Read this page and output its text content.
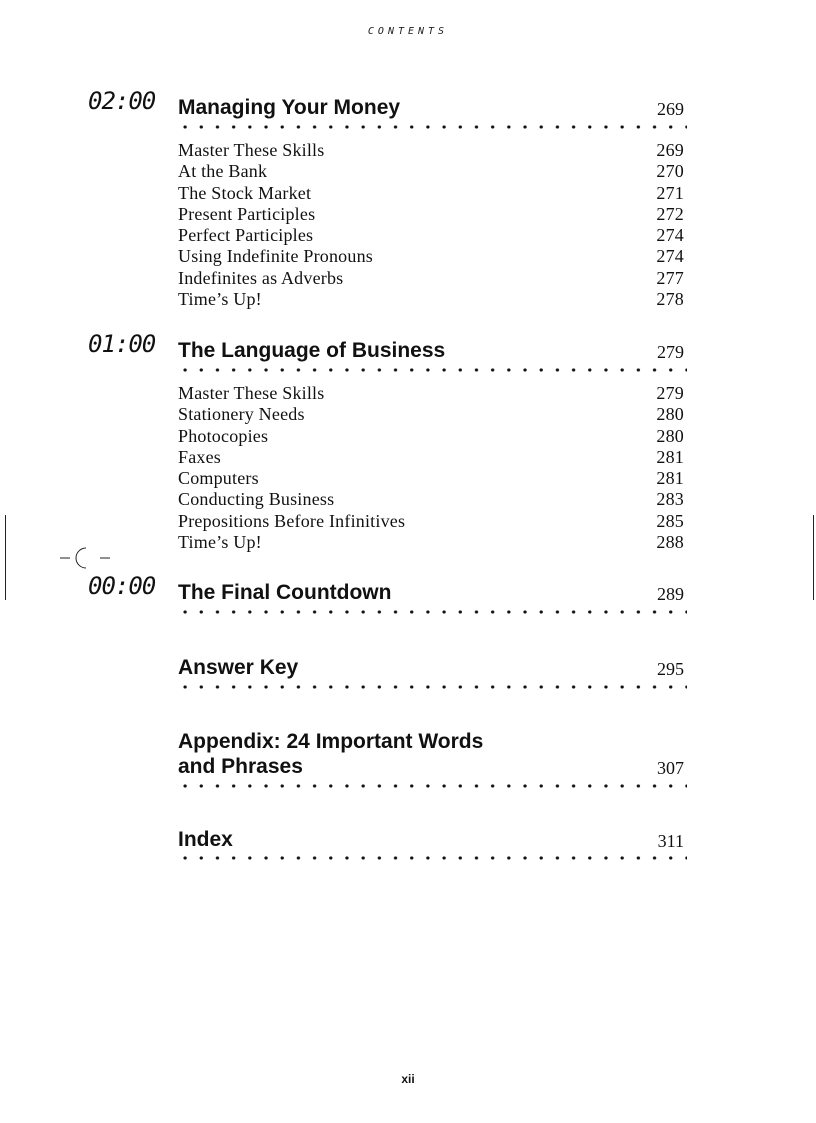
CONTENTS
02:00	Managing Your Money	269
Master These Skills	269
At the Bank	270
The Stock Market	271
Present Participles	272
Perfect Participles	274
Using Indefinite Pronouns	274
Indefinites as Adverbs	277
Time’s Up!	278
01:00	The Language of Business	279
Master These Skills	279
Stationery Needs	280
Photocopies	280
Faxes	281
Computers	281
Conducting Business	283
Prepositions Before Infinitives	285
Time’s Up!	288
00:00	The Final Countdown	289
Answer Key	295
Appendix: 24 Important Words
and Phrases	307
Index	311
xii
